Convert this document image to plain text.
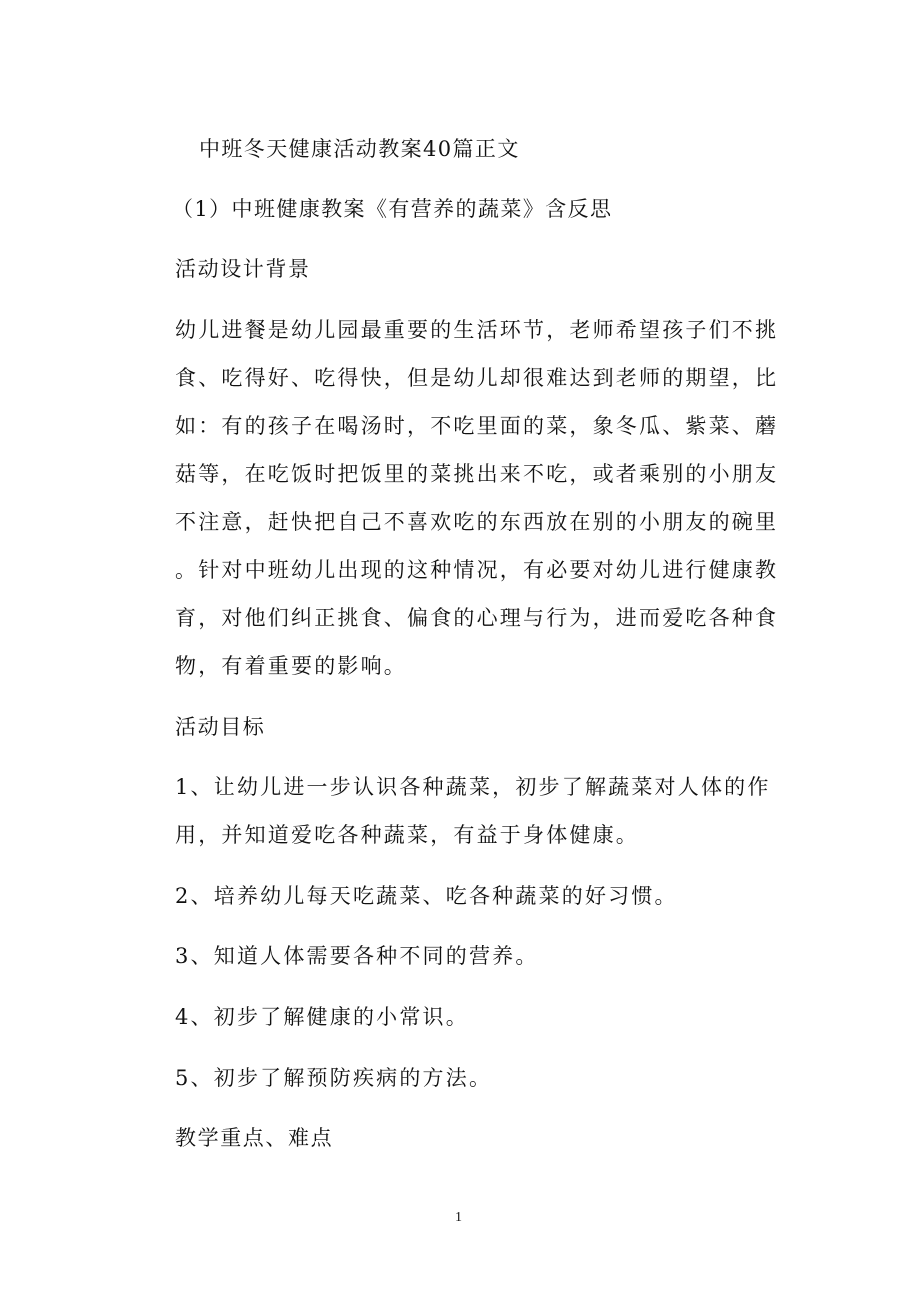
中班冬天健康活动教案40篇正文
（1）中班健康教案《有营养的蔬菜》含反思
活动设计背景
幼儿进餐是幼儿园最重要的生活环节，老师希望孩子们不挑
食、吃得好、吃得快，但是幼儿却很难达到老师的期望，比
如：有的孩子在喝汤时，不吃里面的菜，象冬瓜、紫菜、蘑
菇等，在吃饭时把饭里的菜挑出来不吃，或者乘别的小朋友
不注意，赶快把自己不喜欢吃的东西放在别的小朋友的碗里
。针对中班幼儿出现的这种情况，有必要对幼儿进行健康教
育，对他们纠正挑食、偏食的心理与行为，进而爱吃各种食
物，有着重要的影响。
活动目标
1、让幼儿进一步认识各种蔬菜，初步了解蔬菜对人体的作
用，并知道爱吃各种蔬菜，有益于身体健康。
2、培养幼儿每天吃蔬菜、吃各种蔬菜的好习惯。
3、知道人体需要各种不同的营养。
4、初步了解健康的小常识。
5、初步了解预防疾病的方法。
教学重点、难点
1
